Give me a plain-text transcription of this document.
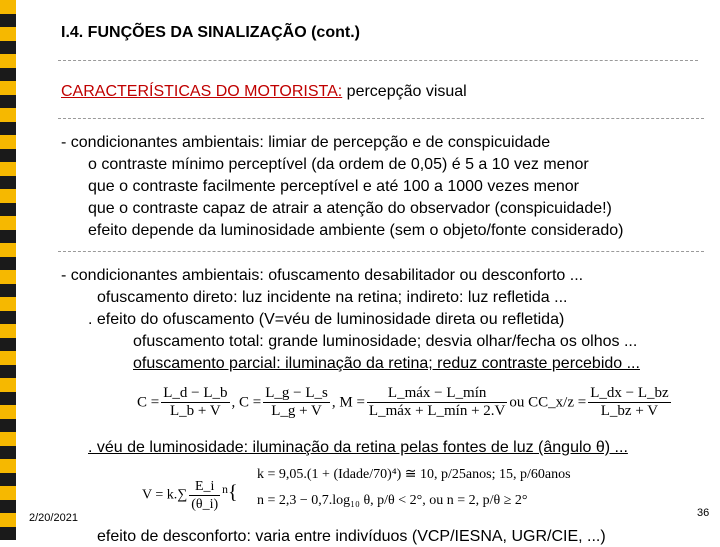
I.4. FUNÇÕES DA SINALIZAÇÃO (cont.)
CARACTERÍSTICAS DO MOTORISTA: percepção visual
- condicionantes ambientais: limiar de percepção e de conspicuidade
o contraste mínimo perceptível (da ordem de 0,05) é 5 a 10 vez menor
que o contraste facilmente perceptível e até 100 a 1000 vezes menor
que o contraste capaz de atrair a atenção do observador (conspicuidade!)
efeito depende da luminosidade ambiente (sem o objeto/fonte considerado)
- condicionantes ambientais: ofuscamento desabilitador ou desconforto ...
ofuscamento direto: luz incidente na retina; indireto: luz refletida ...
. efeito do ofuscamento (V=véu de luminosidade direta ou refletida)
ofuscamento total: grande luminosidade; desvia olhar/fecha os olhos ...
ofuscamento parcial: iluminação da retina; reduz contraste percebido ...
$C = \frac{L\_d - L\_b}{L\_b + V}$ , $C = \frac{L\_g - L\_s}{L\_g + V}$ , $M = \frac{\text{L\_máx − L\_mín}}{\text{L\_máx + L\_mín + 2.V}}$ ou CC_x/z = $\frac{L\_dx - L\_bz}{L\_bz + V}$
. véu de luminosidade: iluminação da retina pelas fontes de luz (ângulo θ) ...
$V = k.\sum \frac{E\_i}{(\theta\_i)} ^n${
k = 9,05.(1 + (Idade/70)⁴) ≅ 10, p/25anos; 15, p/60anos
n = 2,3 − 0,7.log₁₀ θ, p/θ < 2°, ou n = 2, p/θ ≥ 2°
2/20/2021	36
efeito de desconforto: varia entre indivíduos (VCP/IESNA, UGR/CIE, ...)
